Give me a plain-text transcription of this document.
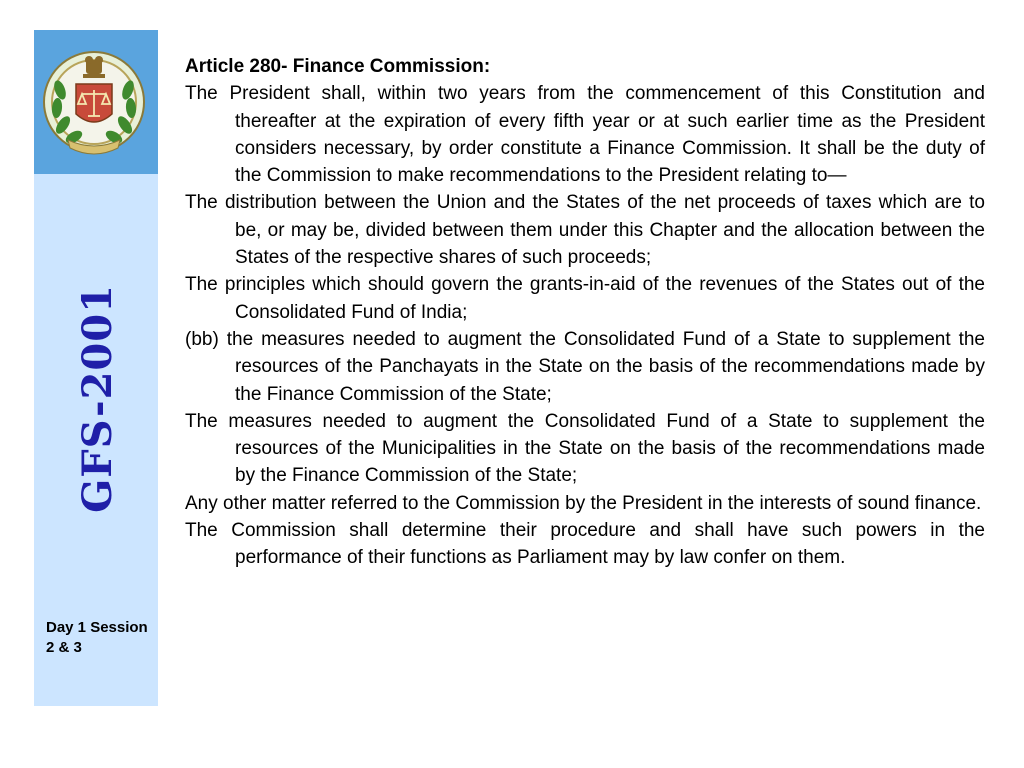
GFS-2001
Day 1 Session 2 & 3

Article 280- Finance Commission:

The President shall, within two years from the commencement of this Constitution and thereafter at the expiration of every fifth year or at such earlier time as the President considers necessary, by order constitute a Finance Commission. It shall be the duty of the Commission to make recommendations to the President relating to—

The distribution between the Union and the States of the net proceeds of taxes which are to be, or may be, divided between them under this Chapter and the allocation between the States of the respective shares of such proceeds;

The principles which should govern the grants-in-aid of the revenues of the States out of the Consolidated Fund of India;

(bb) the measures needed to augment the Consolidated Fund of a State to supplement the resources of the Panchayats in the State on the basis of the recommendations made by the Finance Commission of the State;

The measures needed to augment the Consolidated Fund of a State to supplement the resources of the Municipalities in the State on the basis of the recommendations made by the Finance Commission of the State;

Any other matter referred to the Commission by the President in the interests of sound finance.

The Commission shall determine their procedure and shall have such powers in the performance of their functions as Parliament may by law confer on them.
